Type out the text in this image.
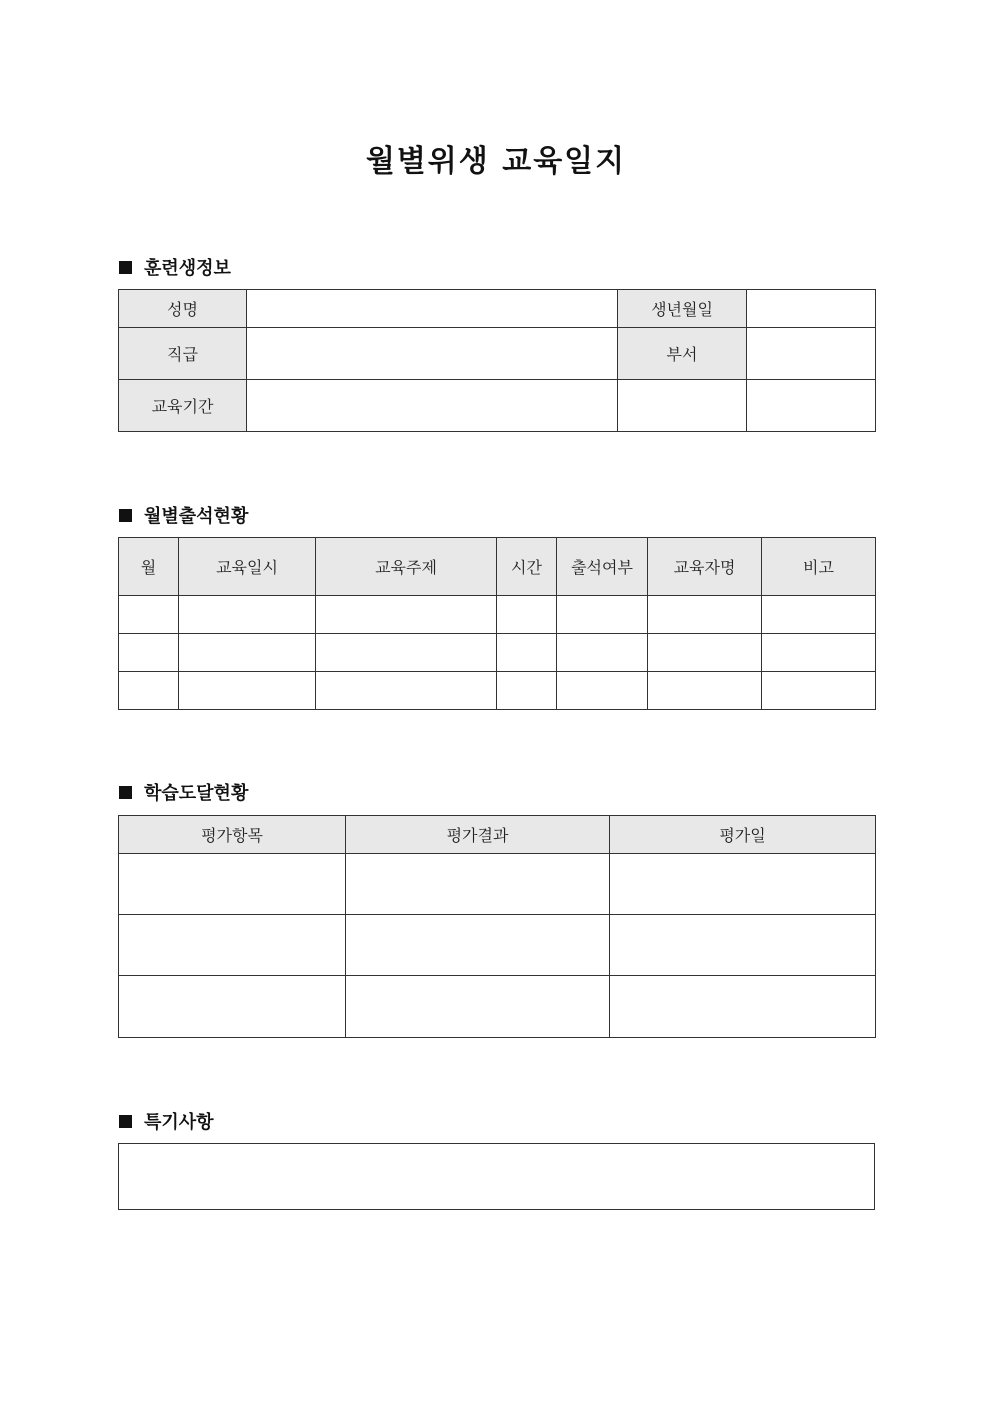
월별위생 교육일지
훈련생정보
성명		생년월일	
직급		부서	
교육기간			
월별출석현황
월	교육일시	교육주제	시간	출석여부	교육자명	비고

학습도달현황
평가항목	평가결과	평가일

특기사항
